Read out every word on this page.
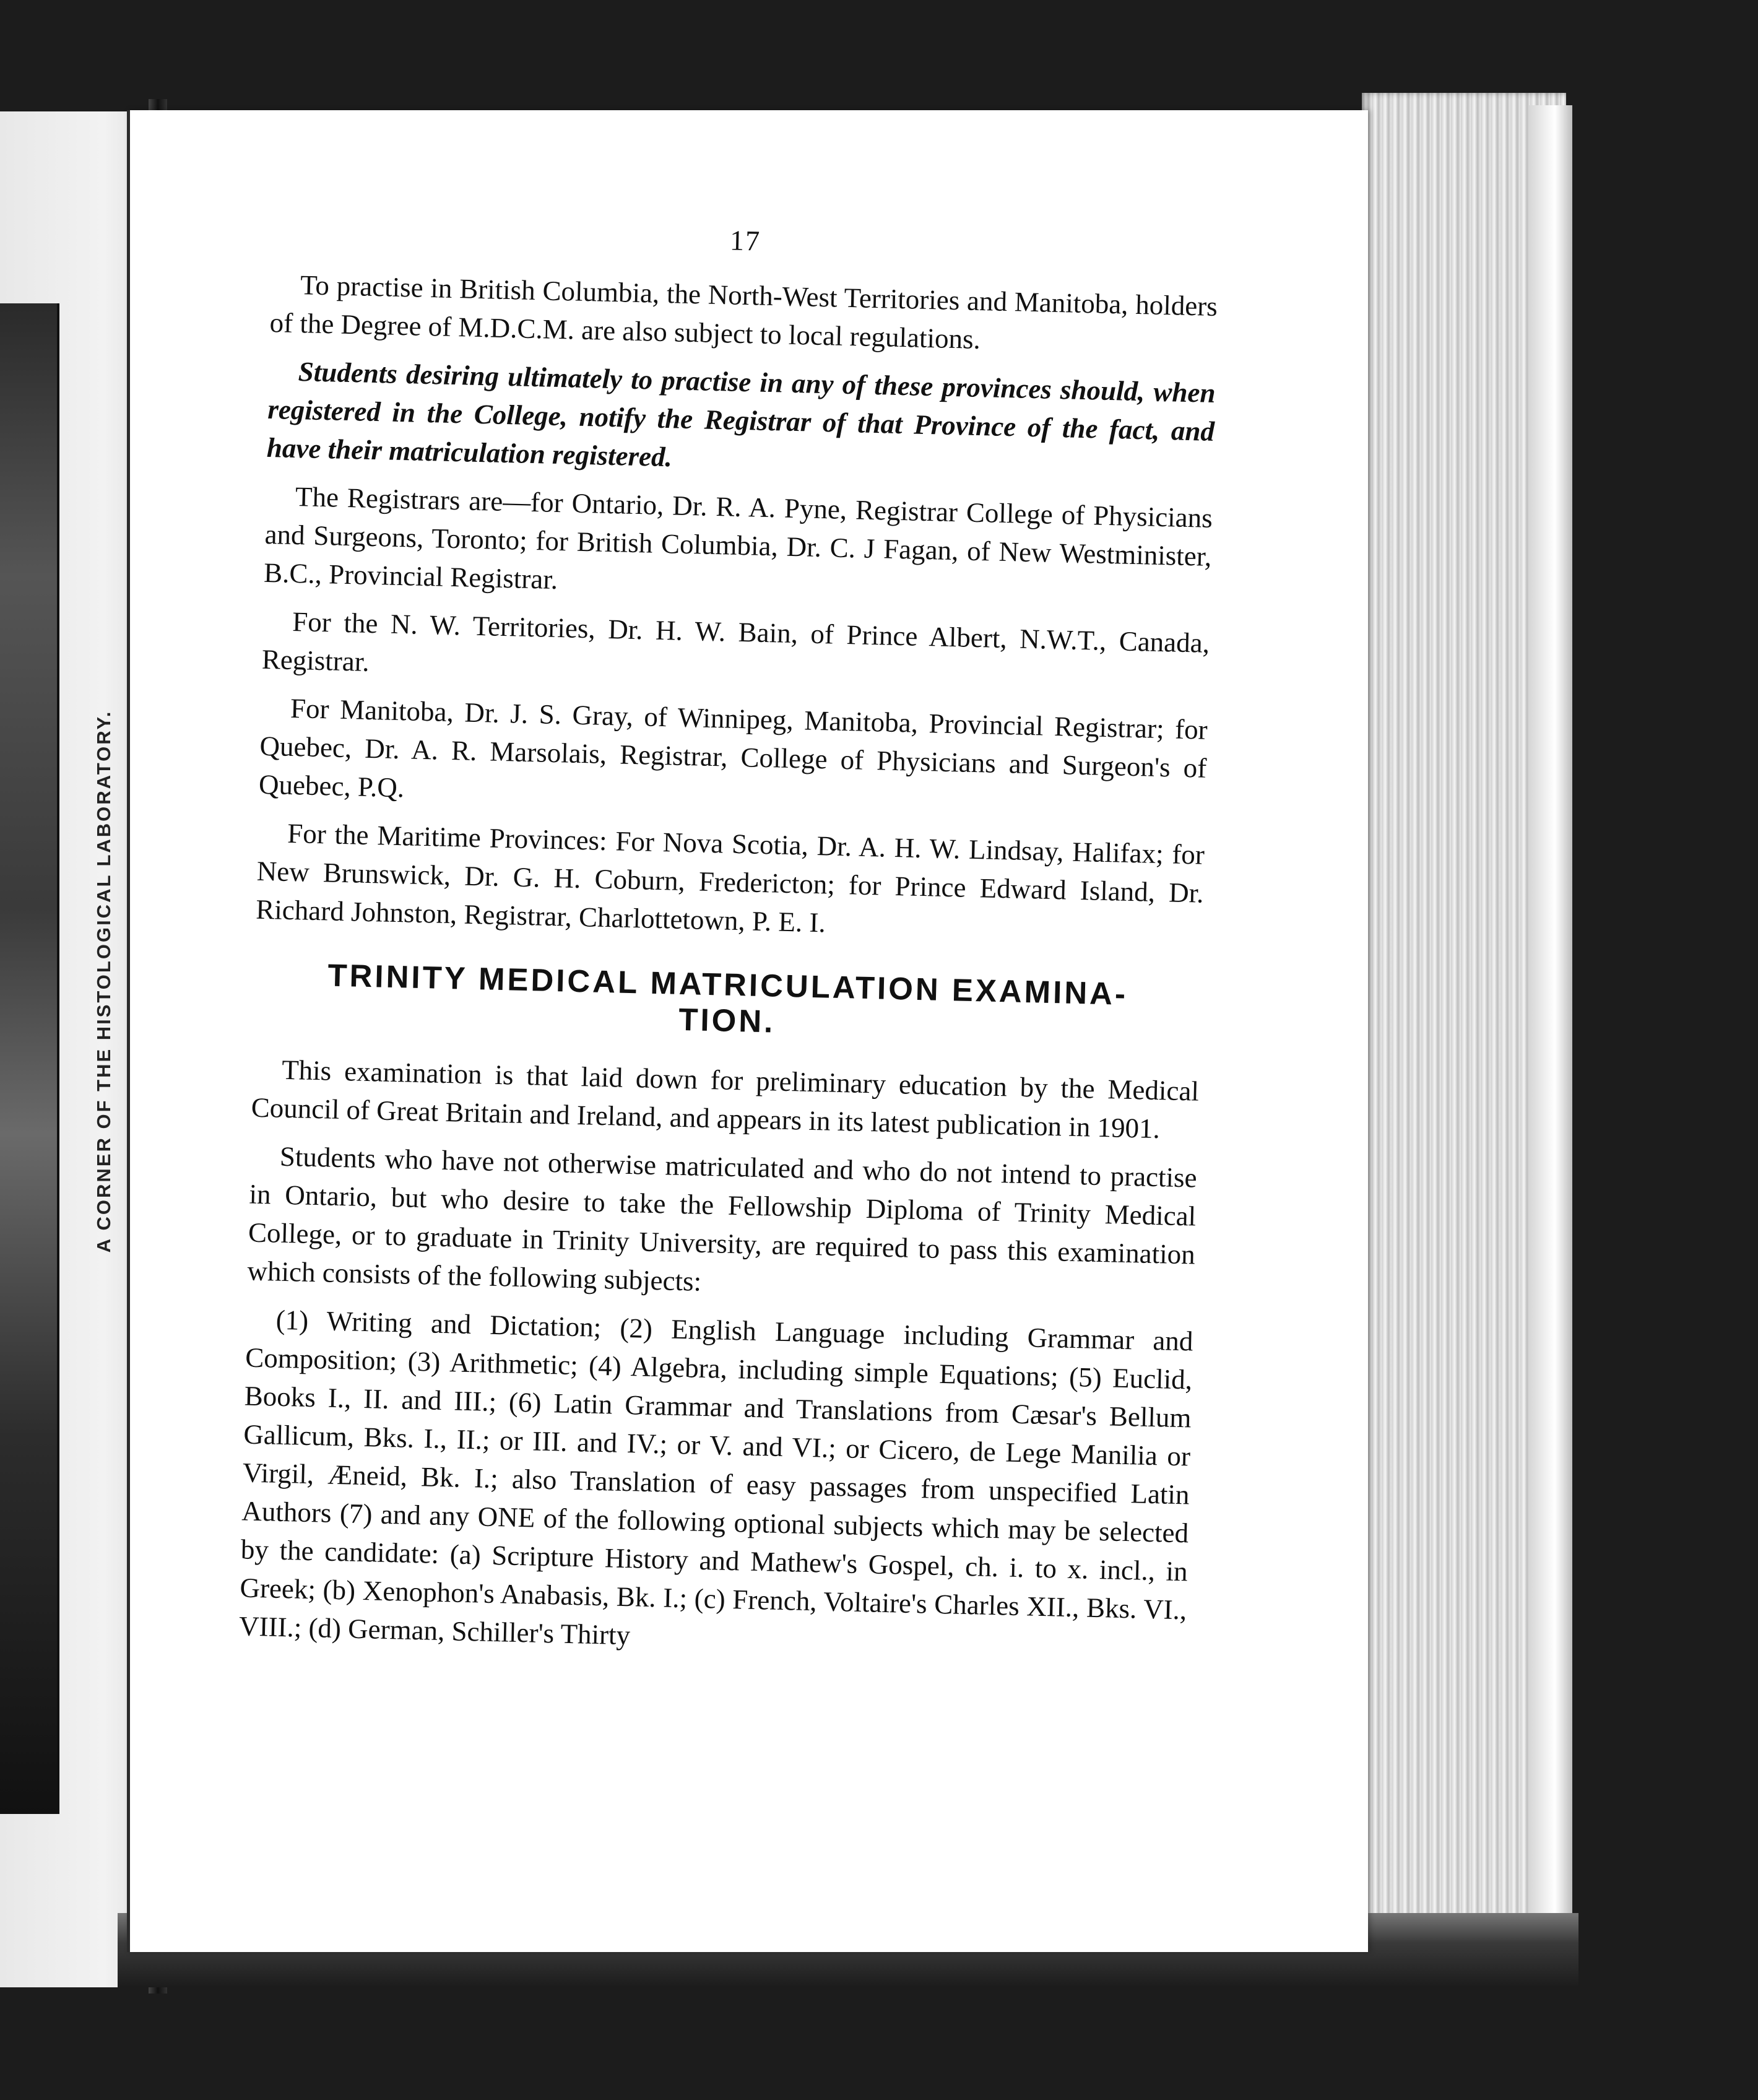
A CORNER OF THE HISTOLOGICAL LABORATORY.
17

To practise in British Columbia, the North-West Territories and Manitoba, holders of the Degree of M.D.C.M. are also subject to local regulations.

Students desiring ultimately to practise in any of these provinces should, when registered in the College, notify the Registrar of that Province of the fact, and have their matriculation registered.

The Registrars are—for Ontario, Dr. R. A. Pyne, Registrar College of Physicians and Surgeons, Toronto; for British Columbia, Dr. C. J Fagan, of New Westminister, B.C., Provincial Registrar.

For the N. W. Territories, Dr. H. W. Bain, of Prince Albert, N.W.T., Canada, Registrar.

For Manitoba, Dr. J. S. Gray, of Winnipeg, Manitoba, Provincial Registrar; for Quebec, Dr. A. R. Marsolais, Registrar, College of Physicians and Surgeon's of Quebec, P.Q.

For the Maritime Provinces: For Nova Scotia, Dr. A. H. W. Lindsay, Halifax; for New Brunswick, Dr. G. H. Coburn, Fredericton; for Prince Edward Island, Dr. Richard Johnston, Registrar, Charlottetown, P. E. I.

TRINITY MEDICAL MATRICULATION EXAMINA-
TION.

This examination is that laid down for preliminary education by the Medical Council of Great Britain and Ireland, and appears in its latest publication in 1901.

Students who have not otherwise matriculated and who do not intend to practise in Ontario, but who desire to take the Fellowship Diploma of Trinity Medical College, or to graduate in Trinity University, are required to pass this examination which consists of the following subjects:

(1) Writing and Dictation; (2) English Language including Grammar and Composition; (3) Arithmetic; (4) Algebra, including simple Equations; (5) Euclid, Books I., II. and III.; (6) Latin Grammar and Translations from Cæsar's Bellum Gallicum, Bks. I., II.; or III. and IV.; or V. and VI.; or Cicero, de Lege Manilia or Virgil, Æneid, Bk. I.; also Translation of easy passages from unspecified Latin Authors (7) and any ONE of the following optional subjects which may be selected by the candidate: (a) Scripture History and Mathew's Gospel, ch. i. to x. incl., in Greek; (b) Xenophon's Anabasis, Bk. I.; (c) French, Voltaire's Charles XII., Bks. VI., VIII.; (d) German, Schiller's Thirty
